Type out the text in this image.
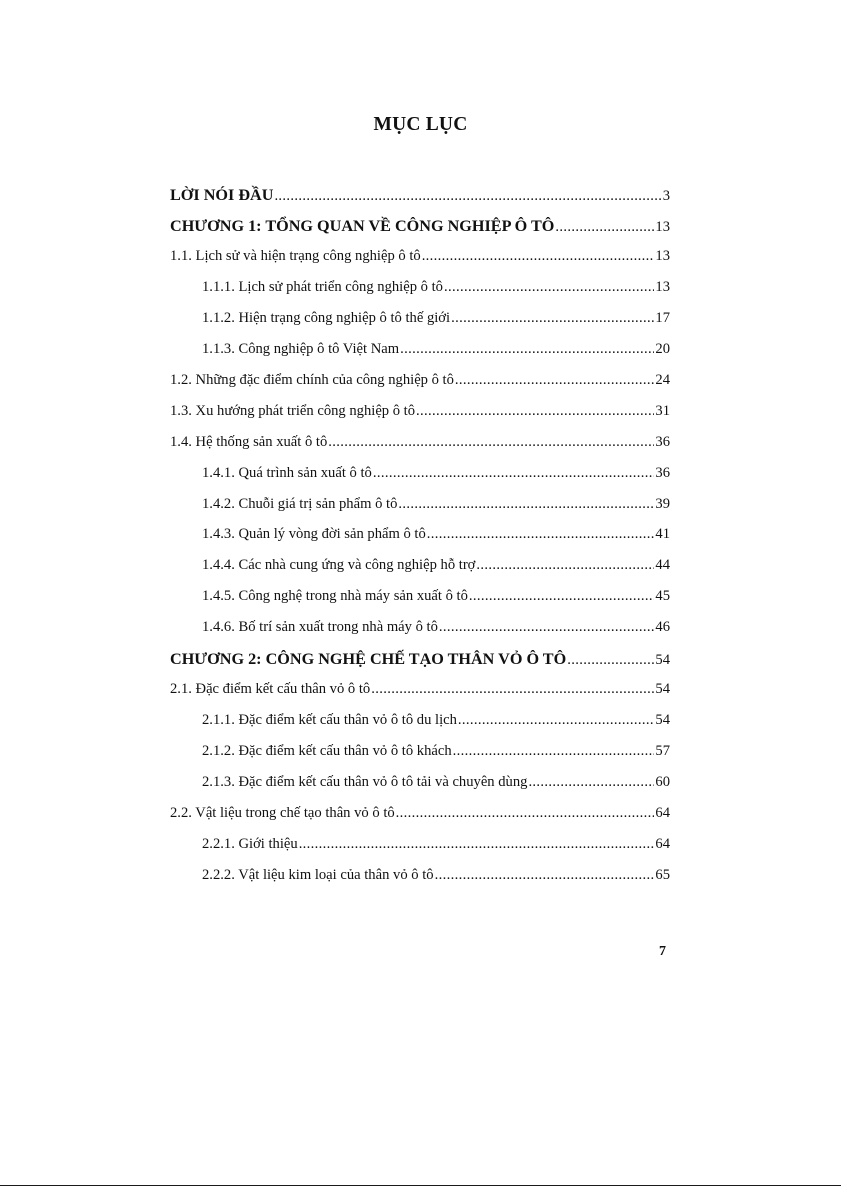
MỤC LỤC
LỜI NÓI ĐẦU .....	3
CHƯƠNG 1: TỔNG QUAN VỀ CÔNG NGHIỆP Ô TÔ .....	13
1.1. Lịch sử và hiện trạng công nghiệp ô tô .....	13
1.1.1. Lịch sử phát triển công nghiệp ô tô .....	13
1.1.2. Hiện trạng công nghiệp ô tô thế giới .....	17
1.1.3. Công nghiệp ô tô Việt Nam .....	20
1.2. Những đặc điểm chính của công nghiệp ô tô .....	24
1.3. Xu hướng phát triển công nghiệp ô tô .....	31
1.4. Hệ thống sản xuất ô tô .....	36
1.4.1. Quá trình sản xuất ô tô .....	36
1.4.2. Chuỗi giá trị sản phẩm ô tô .....	39
1.4.3. Quản lý vòng đời sản phẩm ô tô .....	41
1.4.4. Các nhà cung ứng và công nghiệp hỗ trợ .....	44
1.4.5. Công nghệ trong nhà máy sản xuất ô tô .....	45
1.4.6. Bố trí sản xuất trong nhà máy ô tô .....	46
CHƯƠNG 2: CÔNG NGHỆ CHẾ TẠO THÂN VỎ Ô TÔ .....	54
2.1. Đặc điểm kết cấu thân vỏ ô tô .....	54
2.1.1. Đặc điểm kết cấu thân vỏ ô tô du lịch .....	54
2.1.2. Đặc điểm kết cấu thân vỏ ô tô khách .....	57
2.1.3. Đặc điểm kết cấu thân vỏ ô tô tải và chuyên dùng .....	60
2.2. Vật liệu trong chế tạo thân vỏ ô tô .....	64
2.2.1. Giới thiệu .....	64
2.2.2. Vật liệu kim loại của thân vỏ ô tô .....	65
7
